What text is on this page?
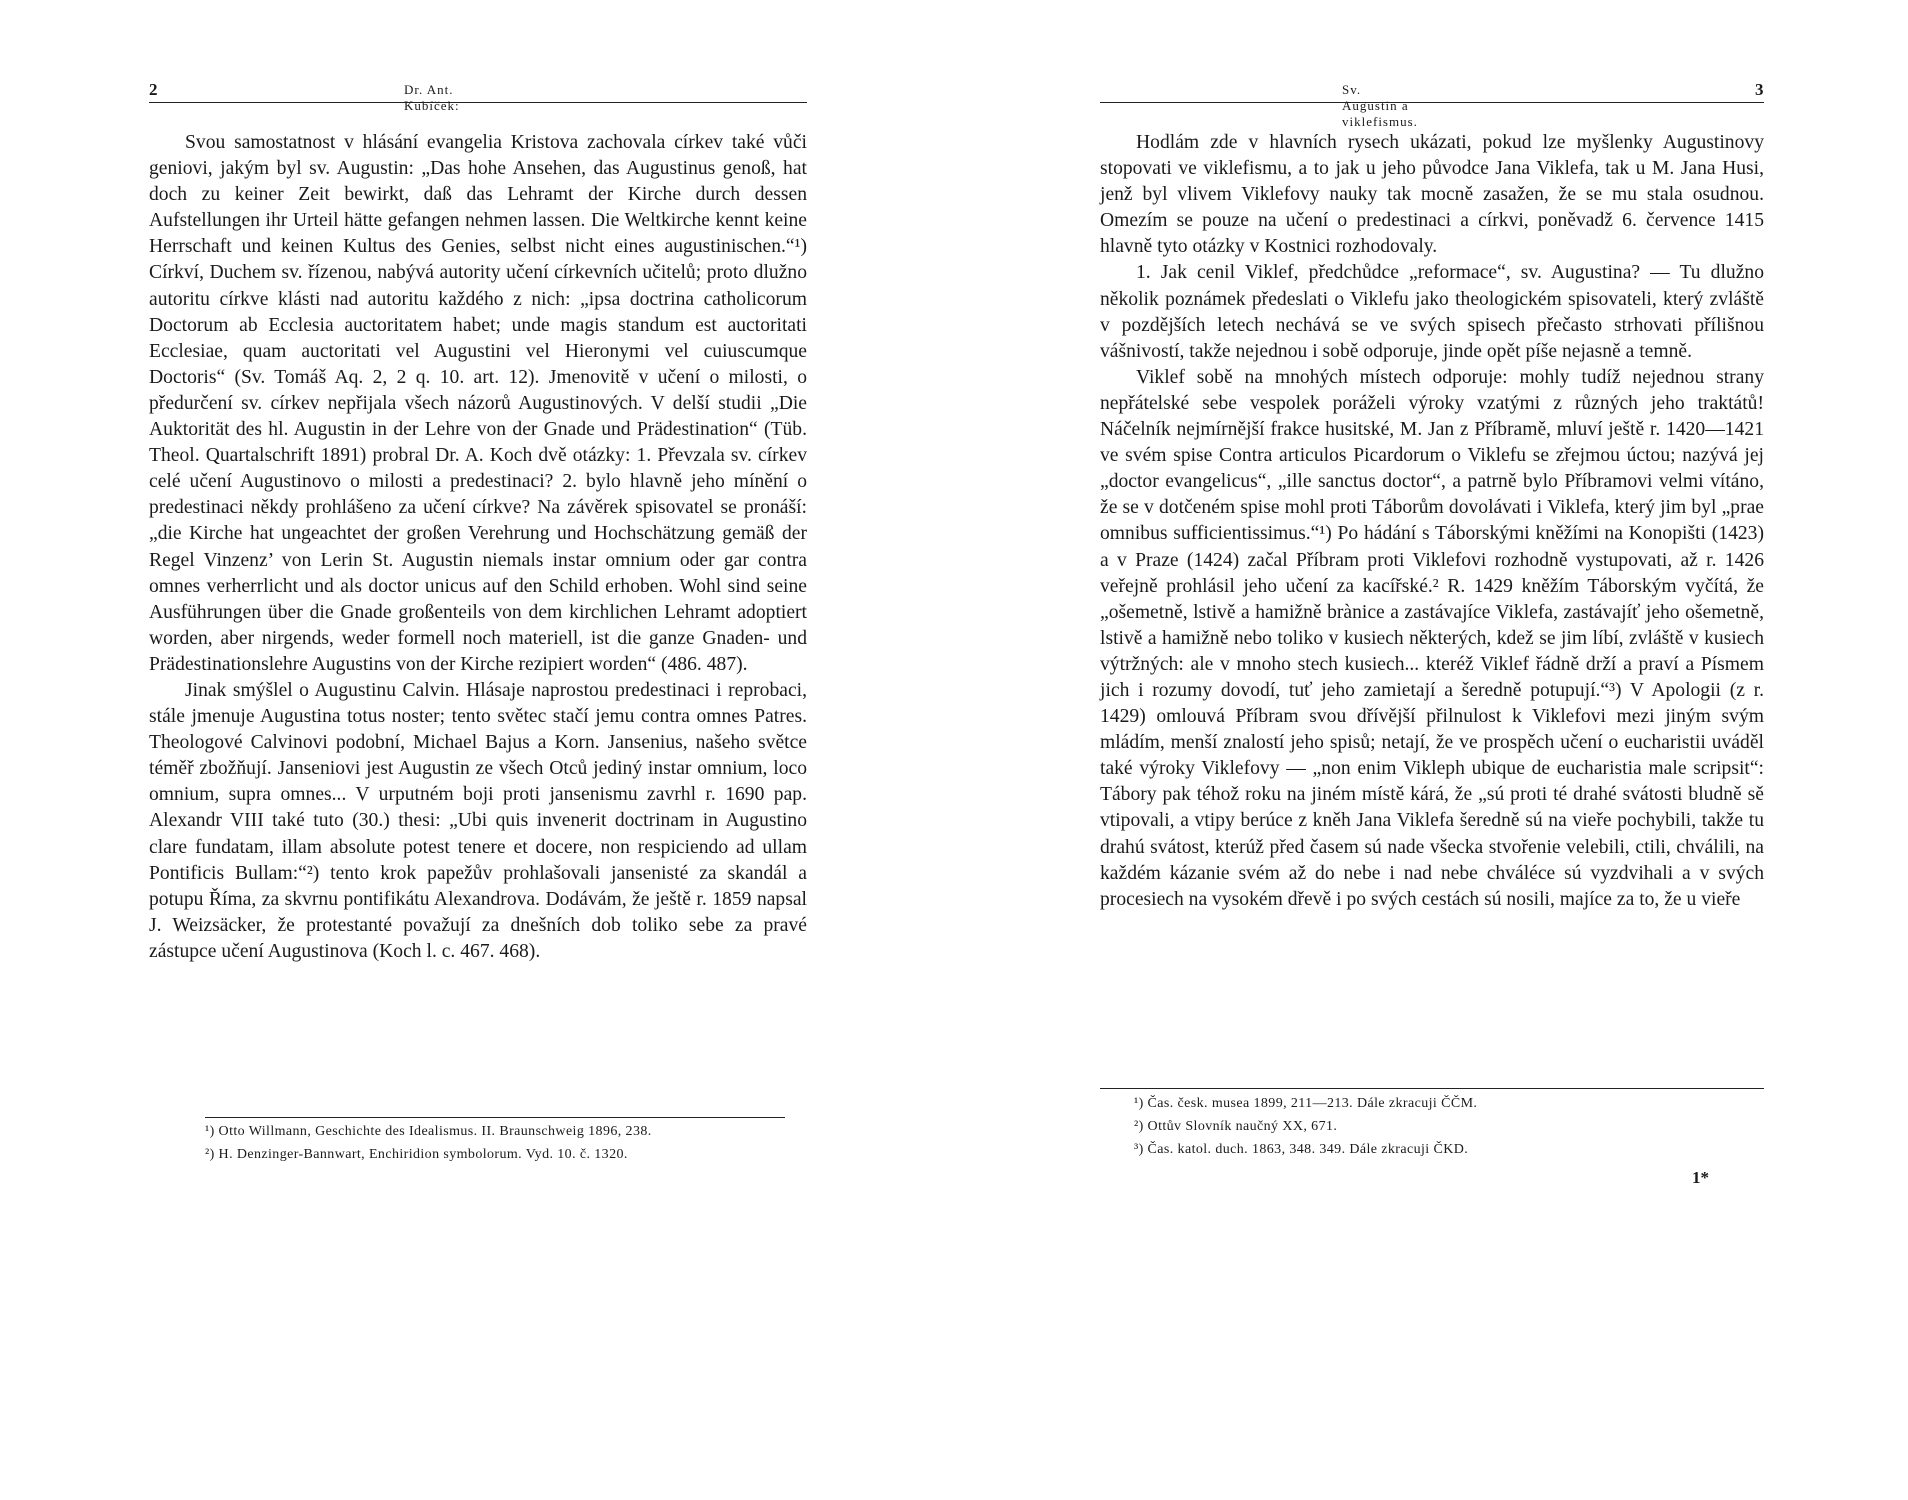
2	Dr. Ant. Kubíček:

Svou samostatnost v hlásání evangelia Kristova zachovala církev také vůči geniovi, jakým byl sv. Augustin: „Das hohe Ansehen, das Augustinus genoß, hat doch zu keiner Zeit bewirkt, daß das Lehramt der Kirche durch dessen Aufstellungen ihr Urteil hätte gefangen nehmen lassen. Die Weltkirche kennt keine Herrschaft und keinen Kultus des Genies, selbst nicht eines augustinischen.“¹) Církví, Duchem sv. řízenou, nabývá autority učení církevních učitelů; proto dlužno autoritu církve klásti nad autoritu každého z nich: „ipsa doctrina catholicorum Doctorum ab Ecclesia auctoritatem habet; unde magis standum est auctoritati Ecclesiae, quam auctoritati vel Augustini vel Hieronymi vel cuiuscumque Doctoris“ (Sv. Tomáš Aq. 2, 2 q. 10. art. 12). Jmenovitě v učení o milosti, o předurčení sv. církev nepřijala všech názorů Augustinových. V delší studii „Die Auktorität des hl. Augustin in der Lehre von der Gnade und Prädestination“ (Tüb. Theol. Quartalschrift 1891) probral Dr. A. Koch dvě otázky: 1. Převzala sv. církev celé učení Augustinovo o milosti a predestinaci? 2. bylo hlavně jeho mínění o predestinaci někdy prohlášeno za učení církve? Na závěrek spisovatel se pronáší: „die Kirche hat ungeachtet der großen Verehrung und Hochschätzung gemäß der Regel Vinzenz’ von Lerin St. Augustin niemals instar omnium oder gar contra omnes verherrlicht und als doctor unicus auf den Schild erhoben. Wohl sind seine Ausführungen über die Gnade großenteils von dem kirchlichen Lehramt adoptiert worden, aber nirgends, weder formell noch materiell, ist die ganze Gnaden- und Prädestinationslehre Augustins von der Kirche rezipiert worden“ (486. 487).

Jinak smýšlel o Augustinu Calvin. Hlásaje naprostou predestinaci i reprobaci, stále jmenuje Augustina totus noster; tento světec stačí jemu contra omnes Patres. Theologové Calvinovi podobní, Michael Bajus a Korn. Jansenius, našeho světce téměř zbožňují. Janseniovi jest Augustin ze všech Otců jediný instar omnium, loco omnium, supra omnes... V urputném boji proti jansenismu zavrhl r. 1690 pap. Alexandr VIII také tuto (30.) thesi: „Ubi quis invenerit doctrinam in Augustino clare fundatam, illam absolute potest tenere et docere, non respiciendo ad ullam Pontificis Bullam:“²) tento krok papežův prohlašovali jansenisté za skandál a potupu Říma, za skvrnu pontifikátu Alexandrova. Dodávám, že ještě r. 1859 napsal J. Weizsäcker, že protestanté považují za dnešních dob toliko sebe za pravé zástupce učení Augustinova (Koch l. c. 467. 468).

¹) Otto Willmann, Geschichte des Idealismus. II. Braunschweig 1896, 238.
²) H. Denzinger-Bannwart, Enchiridion symbolorum. Vyd. 10. č. 1320.
Sv. Augustin a viklefismus.
3

Hodlám zde v hlavních rysech ukázati, pokud lze myšlenky Augustinovy stopovati ve viklefismu, a to jak u jeho původce Jana Viklefa, tak u M. Jana Husi, jenž byl vlivem Viklefovy nauky tak mocně zasažen, že se mu stala osudnou. Omezím se pouze na učení o predestinaci a církvi, poněvadž 6. července 1415 hlavně tyto otázky v Kostnici rozhodovaly.

1. Jak cenil Viklef, předchůdce „reformace“, sv. Augustina? — Tu dlužno několik poznámek předeslati o Viklefu jako theologickém spisovateli, který zvláště v pozdějších letech nechává se ve svých spisech přečasto strhovati přílišnou vášnivostí, takže nejednou i sobě odporuje, jinde opět píše nejasně a temně.

Viklef sobě na mnohých místech odporuje: mohly tudíž nejednou strany nepřátelské sebe vespolek poráželi výroky vzatými z různých jeho traktátů! Náčelník nejmírnější frakce husitské, M. Jan z Příbramě, mluví ještě r. 1420—1421 ve svém spise Contra articulos Picardorum o Viklefu se zřejmou úctou; nazývá jej „doctor evangelicus“, „ille sanctus doctor“, a patrně bylo Příbramovi velmi vítáno, že se v dotčeném spise mohl proti Táborům dovolávati i Viklefa, který jim byl „prae omnibus sufficientissimus.“¹) Po hádání s Táborskými kněžími na Konopišti (1423) a v Praze (1424) začal Příbram proti Viklefovi rozhodně vystupovati, až r. 1426 veřejně prohlásil jeho učení za kacířské.² R. 1429 kněžím Táborským vyčítá, že „ošemetně, lstivě a hamižně brànice a zastávajíce Viklefa, zastávajíť jeho ošemetně, lstivě a hamižně nebo toliko v kusiech některých, kdež se jim líbí, zvláště v kusiech výtržných: ale v mnoho stech kusiech... kteréž Viklef řádně drží a praví a Písmem jich i rozumy dovodí, tuť jeho zamietají a šeredně potupují.“³) V Apologii (z r. 1429) omlouvá Příbram svou dřívější přilnulost k Viklefovi mezi jiným svým mládím, menší znalostí jeho spisů; netají, že ve prospěch učení o eucharistii uváděl také výroky Viklefovy — „non enim Vikleph ubique de eucharistia male scripsit“: Tábory pak téhož roku na jiném místě kárá, že „sú proti té drahé svátosti bludně sě vtipovali, a vtipy berúce z kněh Jana Viklefa šeredně sú na vieře pochybili, takže tu drahú svátost, kterúž před časem sú nade všecka stvořenie velebili, ctili, chválili, na každém kázanie svém až do nebe i nad nebe chváléce sú vyzdvihali a v svých procesiech na vysokém dřevě i po svých cestách sú nosili, majíce za to, že u vieře

¹) Čas. česk. musea 1899, 211—213. Dále zkracuji ČČM.
²) Ottův Slovník naučný XX, 671.
³) Čas. katol. duch. 1863, 348. 349. Dále zkracuji ČKD.
1*
